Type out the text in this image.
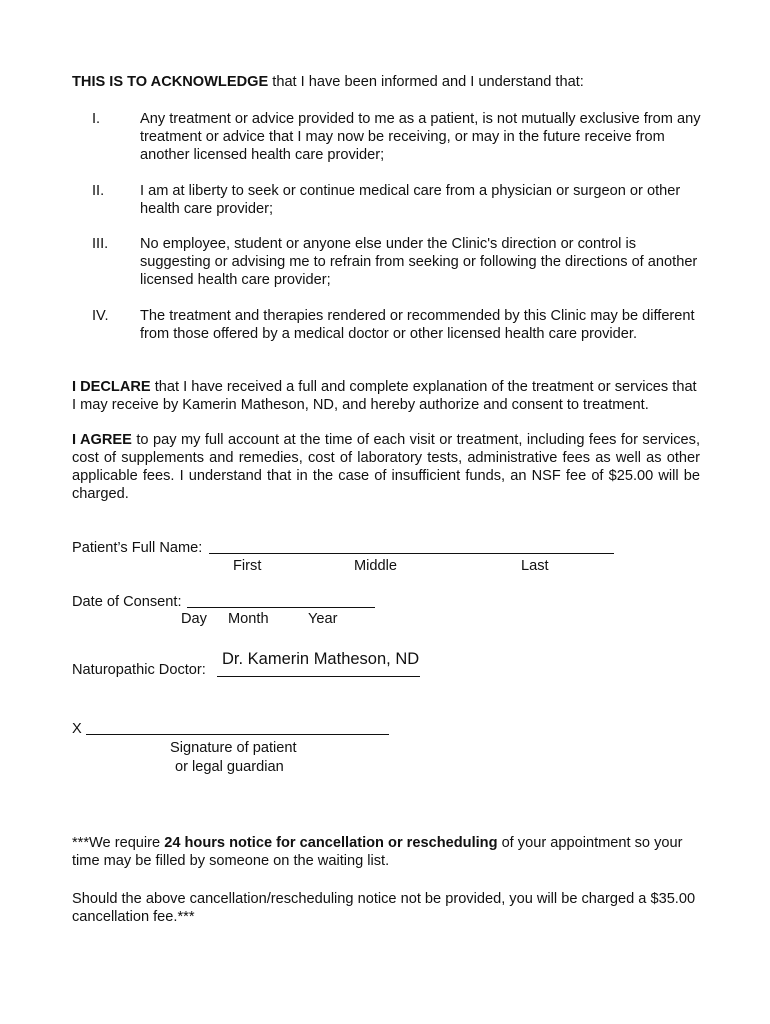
THIS IS TO ACKNOWLEDGE that I have been informed and I understand that:
I.	Any treatment or advice provided to me as a patient, is not mutually exclusive from any treatment or advice that I may now be receiving, or may in the future receive from another licensed health care provider;
II.	I am at liberty to seek or continue medical care from a physician or surgeon or other health care provider;
III.	No employee, student or anyone else under the Clinic's direction or control is suggesting or advising me to refrain from seeking or following the directions of another licensed health care provider;
IV.	The treatment and therapies rendered or recommended by this Clinic may be different from those offered by a medical doctor or other licensed health care provider.
I DECLARE that I have received a full and complete explanation of the treatment or services that I may receive by Kamerin Matheson, ND, and hereby authorize and consent to treatment.
I AGREE to pay my full account at the time of each visit or treatment, including fees for services, cost of supplements and remedies, cost of laboratory tests, administrative fees as well as other applicable fees. I understand that in the case of insufficient funds, an NSF fee of $25.00 will be charged.
Patient’s Full Name:
First	Middle	Last
Date of Consent:
Day Month	Year
Naturopathic Doctor:
Dr. Kamerin Matheson, ND
X
Signature of patient
or legal guardian
***We require 24 hours notice for cancellation or rescheduling of your appointment so your time may be filled by someone on the waiting list.
Should the above cancellation/rescheduling notice not be provided, you will be charged a $35.00 cancellation fee.***
